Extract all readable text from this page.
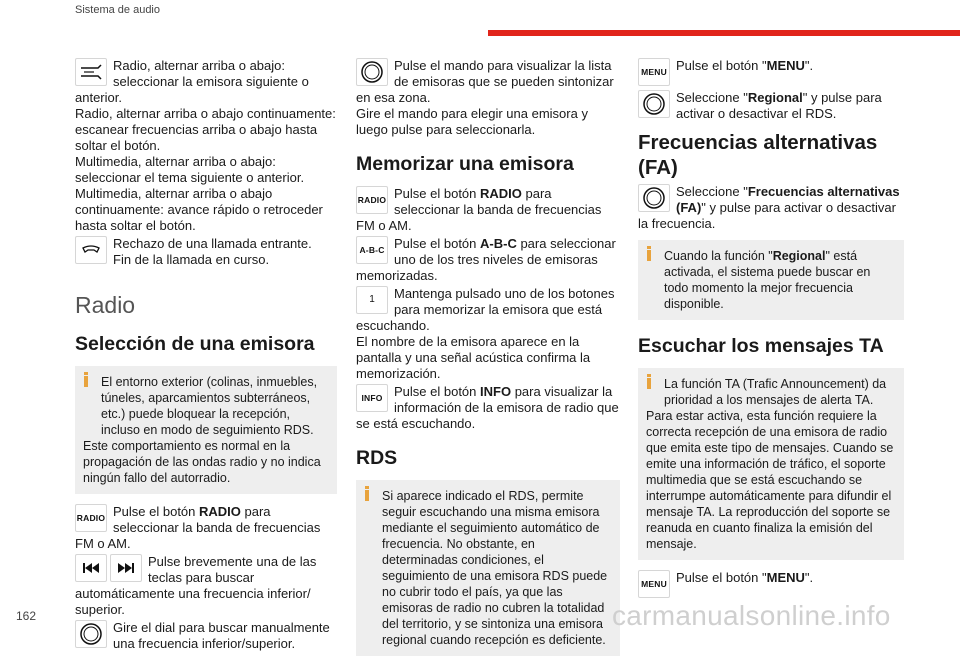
Sistema de audio

Radio, alternar arriba o abajo: seleccionar la emisora siguiente o anterior.

Radio, alternar arriba o abajo continuamente: escanear frecuencias arriba o abajo hasta soltar el botón.

Multimedia, alternar arriba o abajo: seleccionar el tema siguiente o anterior.

Multimedia, alternar arriba o abajo continuamente: avance rápido o retroceder hasta soltar el botón.

Rechazo de una llamada entrante.

Fin de la llamada en curso.

Radio
Selección de una emisora

El entorno exterior (colinas, inmuebles, túneles, aparcamientos subterráneos, etc.) puede bloquear la recepción, incluso en modo de seguimiento RDS.

Este comportamiento es normal en la propagación de las ondas radio y no indica ningún fallo del autorradio.

RADIO Pulse el botón RADIO para seleccionar la banda de frecuencias FM o AM.
Pulse brevemente una de las teclas para buscar automáticamente una frecuencia inferior/ superior.
Gire el dial para buscar manualmente una frecuencia inferior/superior.

Pulse el mando para visualizar la lista de emisoras que se pueden sintonizar en esa zona.

Gire el mando para elegir una emisora y luego pulse para seleccionarla.

Memorizar una emisora
RADIO Pulse el botón RADIO para seleccionar la banda de frecuencias FM o AM.
A-B-C Pulse el botón A-B-C para seleccionar uno de los tres niveles de emisoras memorizadas.
1	Mantenga pulsado uno de los botones para memorizar la emisora que está escuchando.

El nombre de la emisora aparece en la pantalla y una señal acústica confirma la memorización.

INFO Pulse el botón INFO para visualizar la información de la emisora de radio que se está escuchando.
RDS

Si aparece indicado el RDS, permite seguir escuchando una misma emisora mediante el seguimiento automático de frecuencia. No obstante, en determinadas condiciones, el seguimiento de una emisora RDS puede no cubrir todo el país, ya que las emisoras de radio no cubren la totalidad del territorio, y se sintoniza una emisora regional cuando recepción es deficiente.

MENU Pulse el botón "MENU".
Seleccione "Regional" y pulse para activar o desactivar el RDS.
Frecuencias alternativas (FA)
Seleccione "Frecuencias alternativas (FA)" y pulse para activar o desactivar la frecuencia.

Cuando la función "Regional" está activada, el sistema puede buscar en todo momento la mejor frecuencia disponible.

Escuchar los mensajes TA

La función TA (Trafic Announcement) da prioridad a los mensajes de alerta TA.

Para estar activa, esta función requiere la correcta recepción de una emisora de radio que emita este tipo de mensajes. Cuando se emite una información de tráfico, el soporte multimedia que se está escuchando se interrumpe automáticamente para difundir el mensaje TA. La reproducción del soporte se reanuda en cuanto finaliza la emisión del mensaje.

MENU Pulse el botón "MENU".
162	carmanualsonline.info
